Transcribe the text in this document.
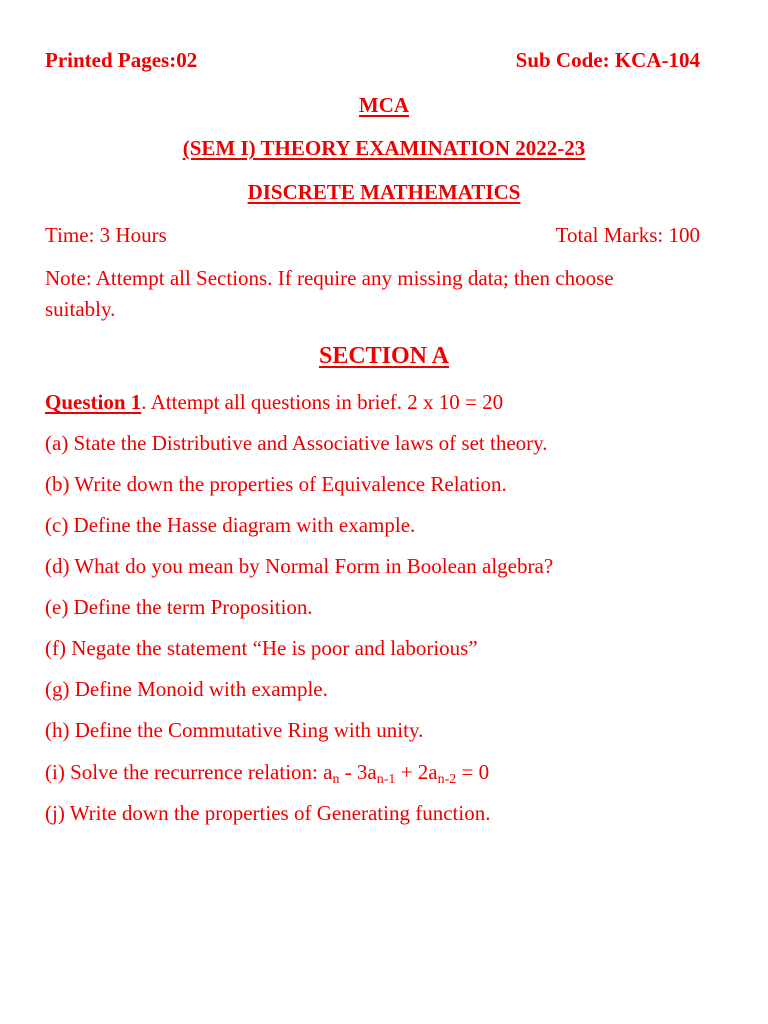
Printed Pages:02	Sub Code: KCA-104
MCA
(SEM I) THEORY EXAMINATION 2022-23
DISCRETE MATHEMATICS
Time: 3 Hours	Total Marks: 100
Note: Attempt all Sections. If require any missing data; then choose suitably.
SECTION A
Question 1. Attempt all questions in brief. 2 x 10 = 20
(a) State the Distributive and Associative laws of set theory.
(b) Write down the properties of Equivalence Relation.
(c) Define the Hasse diagram with example.
(d) What do you mean by Normal Form in Boolean algebra?
(e) Define the term Proposition.
(f) Negate the statement “He is poor and laborious”
(g) Define Monoid with example.
(h) Define the Commutative Ring with unity.
(i) Solve the recurrence relation: $a_n - 3a_{n-1} + 2a_{n-2} = 0$
(j) Write down the properties of Generating function.
